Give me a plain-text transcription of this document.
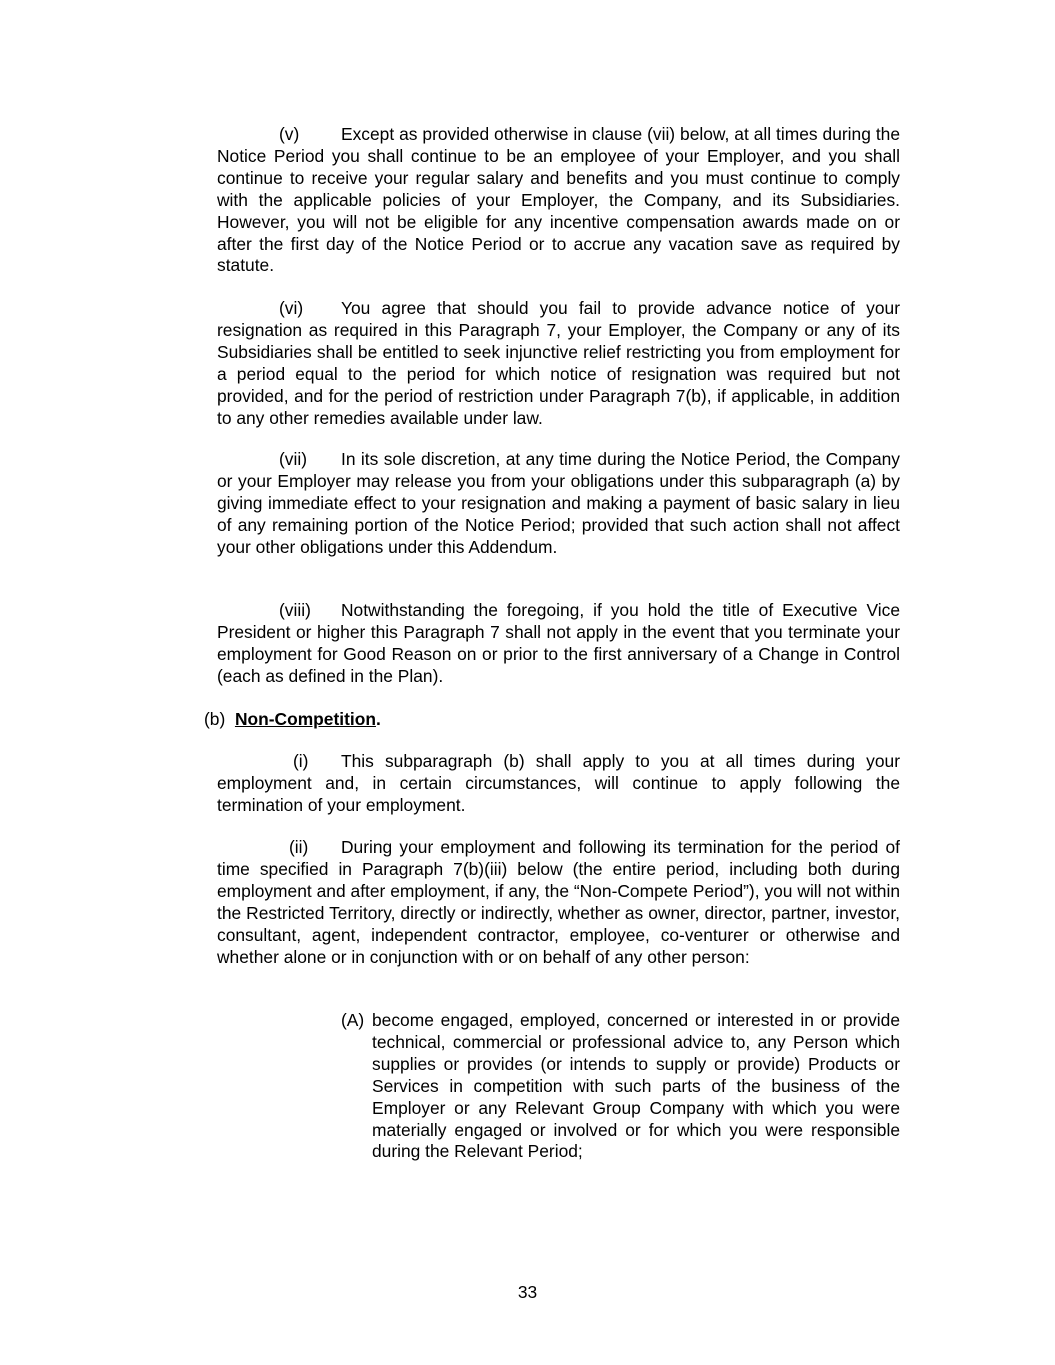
(v) Except as provided otherwise in clause (vii) below, at all times during the Notice Period you shall continue to be an employee of your Employer, and you shall continue to receive your regular salary and benefits and you must continue to comply with the applicable policies of your Employer, the Company, and its Subsidiaries. However, you will not be eligible for any incentive compensation awards made on or after the first day of the Notice Period or to accrue any vacation save as required by statute.

(vi) You agree that should you fail to provide advance notice of your resignation as required in this Paragraph 7, your Employer, the Company or any of its Subsidiaries shall be entitled to seek injunctive relief restricting you from employment for a period equal to the period for which notice of resignation was required but not provided, and for the period of restriction under Paragraph 7(b), if applicable, in addition to any other remedies available under law.

(vii) In its sole discretion, at any time during the Notice Period, the Company or your Employer may release you from your obligations under this subparagraph (a) by giving immediate effect to your resignation and making a payment of basic salary in lieu of any remaining portion of the Notice Period; provided that such action shall not affect your other obligations under this Addendum.

(viii) Notwithstanding the foregoing, if you hold the title of Executive Vice President or higher this Paragraph 7 shall not apply in the event that you terminate your employment for Good Reason on or prior to the first anniversary of a Change in Control (each as defined in the Plan).

(b) Non-Competition.

(i) This subparagraph (b) shall apply to you at all times during your employment and, in certain circumstances, will continue to apply following the termination of your employment.

(ii) During your employment and following its termination for the period of time specified in Paragraph 7(b)(iii) below (the entire period, including both during employment and after employment, if any, the “Non-Compete Period”), you will not within the Restricted Territory, directly or indirectly, whether as owner, director, partner, investor, consultant, agent, independent contractor, employee, co-venturer or otherwise and whether alone or in conjunction with or on behalf of any other person:

(A) become engaged, employed, concerned or interested in or provide technical, commercial or professional advice to, any Person which supplies or provides (or intends to supply or provide) Products or Services in competition with such parts of the business of the Employer or any Relevant Group Company with which you were materially engaged or involved or for which you were responsible during the Relevant Period;
33
